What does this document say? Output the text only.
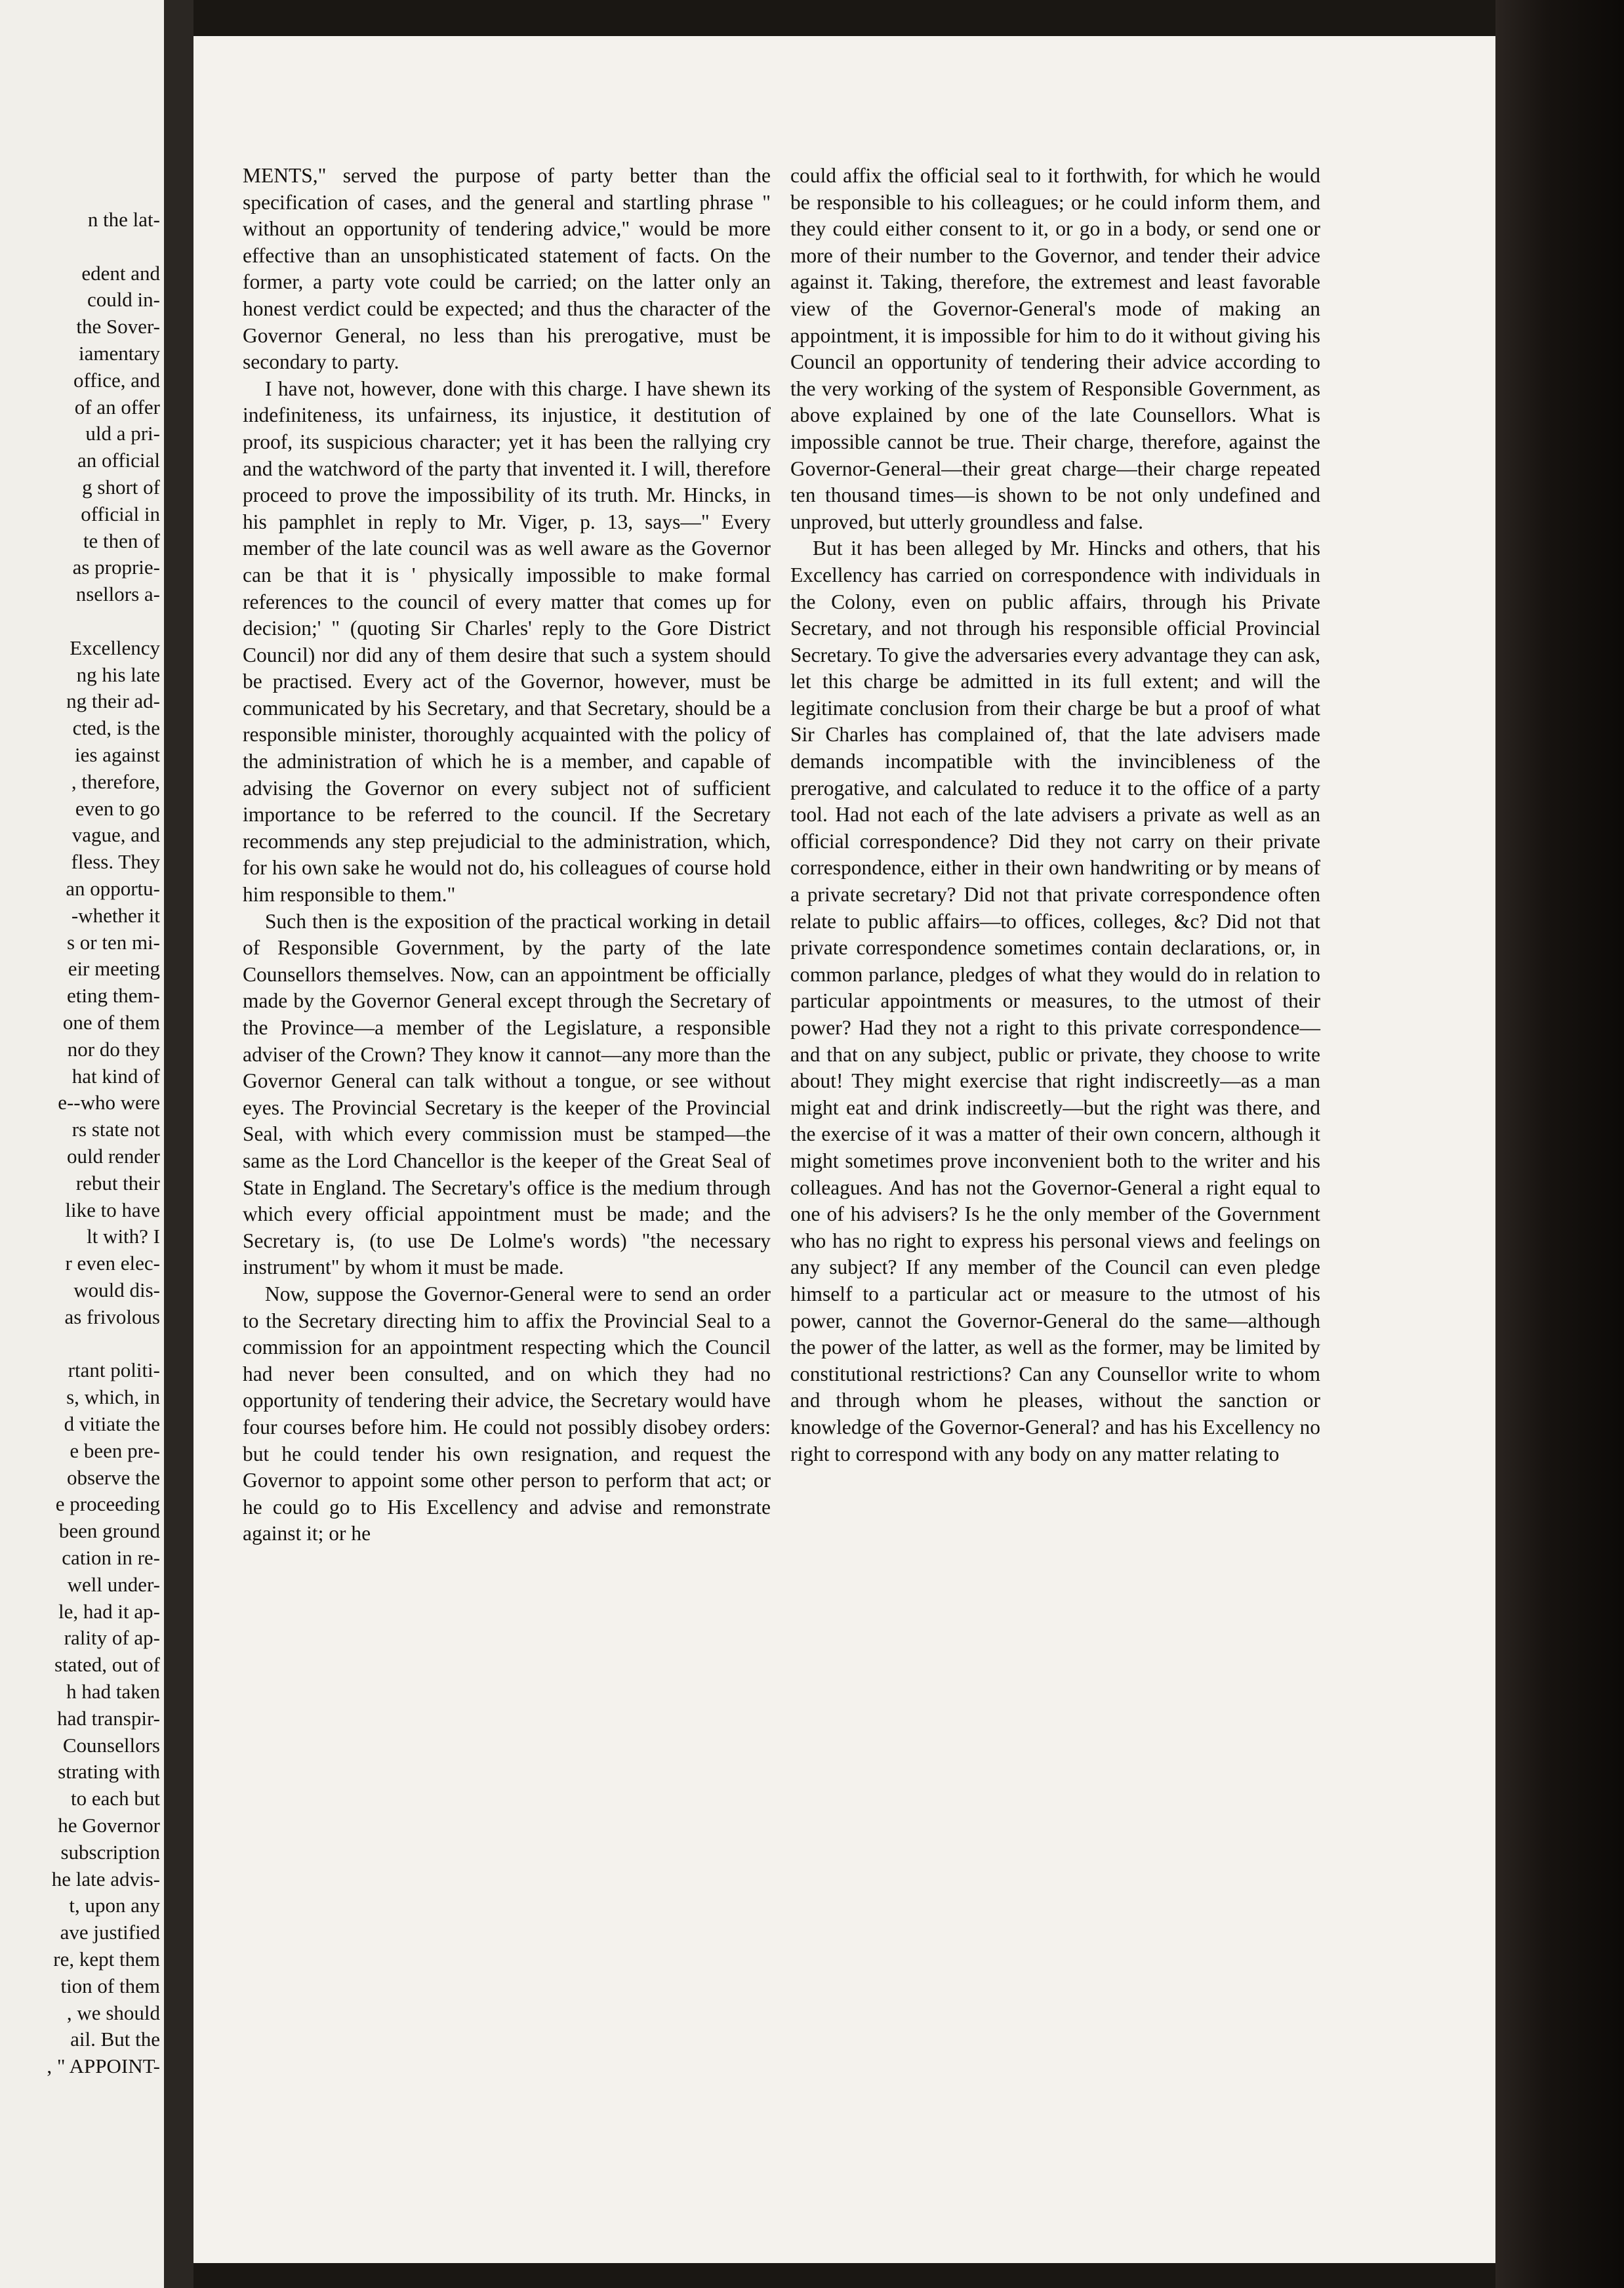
n the lat-
edent and
could in-
the Sover-
iamentary
office, and
of an offer
uld a pri-
an official
g short of
official in
te then of
as proprie-
nsellors a-
Excellency
ng his late
ng their ad-
cted, is the
ies against
, therefore,
even to go
vague, and
fless. They
an opportu-
-whether it
s or ten mi-
eir meeting
eting them-
one of them
nor do they
hat kind of
e--who were
rs state not
ould render
rebut their
like to have
lt with? I
r even elec-
would dis-
as frivolous
rtant politi-
s, which, in
d vitiate the
e been pre-
observe the
e proceeding
been ground
cation in re-
well under-
le, had it ap-
rality of ap-
stated, out of
h had taken
had transpir-
Counsellors
strating with
to each but
he Governor
subscription
he late advis-
t, upon any
ave justified
re, kept them
tion of them
, we should
ail. But the
, " APPOINT-

MENTS," served the purpose of party better than the specification of cases, and the general and startling phrase " without an opportunity of tendering advice," would be more effective than an unsophisticated statement of facts. On the former, a party vote could be carried; on the latter only an honest verdict could be expected; and thus the character of the Governor General, no less than his prerogative, must be secondary to party.

I have not, however, done with this charge. I have shewn its indefiniteness, its unfairness, its injustice, it destitution of proof, its suspicious character; yet it has been the rallying cry and the watchword of the party that invented it. I will, therefore proceed to prove the impossibility of its truth. Mr. Hincks, in his pamphlet in reply to Mr. Viger, p. 13, says—" Every member of the late council was as well aware as the Governor can be that it is ' physically impossible to make formal references to the council of every matter that comes up for decision;' " (quoting Sir Charles' reply to the Gore District Council) nor did any of them desire that such a system should be practised. Every act of the Governor, however, must be communicated by his Secretary, and that Secretary, should be a responsible minister, thoroughly acquainted with the policy of the administration of which he is a member, and capable of advising the Governor on every subject not of sufficient importance to be referred to the council. If the Secretary recommends any step prejudicial to the administration, which, for his own sake he would not do, his colleagues of course hold him responsible to them."

Such then is the exposition of the practical working in detail of Responsible Government, by the party of the late Counsellors themselves. Now, can an appointment be officially made by the Governor General except through the Secretary of the Province—a member of the Legislature, a responsible adviser of the Crown? They know it cannot—any more than the Governor General can talk without a tongue, or see without eyes. The Provincial Secretary is the keeper of the Provincial Seal, with which every commission must be stamped—the same as the Lord Chancellor is the keeper of the Great Seal of State in England. The Secretary's office is the medium through which every official appointment must be made; and the Secretary is, (to use De Lolme's words) "the necessary instrument" by whom it must be made.

Now, suppose the Governor-General were to send an order to the Secretary directing him to affix the Provincial Seal to a commission for an appointment respecting which the Council had never been consulted, and on which they had no opportunity of tendering their advice, the Secretary would have four courses before him. He could not possibly disobey orders: but he could tender his own resignation, and request the Governor to appoint some other person to perform that act; or he could go to His Excellency and advise and remonstrate against it; or he

could affix the official seal to it forthwith, for which he would be responsible to his colleagues; or he could inform them, and they could either consent to it, or go in a body, or send one or more of their number to the Governor, and tender their advice against it. Taking, therefore, the extremest and least favorable view of the Governor-General's mode of making an appointment, it is impossible for him to do it without giving his Council an opportunity of tendering their advice according to the very working of the system of Responsible Government, as above explained by one of the late Counsellors. What is impossible cannot be true. Their charge, therefore, against the Governor-General—their great charge—their charge repeated ten thousand times—is shown to be not only undefined and unproved, but utterly groundless and false.

But it has been alleged by Mr. Hincks and others, that his Excellency has carried on correspondence with individuals in the Colony, even on public affairs, through his Private Secretary, and not through his responsible official Provincial Secretary. To give the adversaries every advantage they can ask, let this charge be admitted in its full extent; and will the legitimate conclusion from their charge be but a proof of what Sir Charles has complained of, that the late advisers made demands incompatible with the invincibleness of the prerogative, and calculated to reduce it to the office of a party tool. Had not each of the late advisers a private as well as an official correspondence? Did they not carry on their private correspondence, either in their own handwriting or by means of a private secretary? Did not that private correspondence often relate to public affairs—to offices, colleges, &c? Did not that private correspondence sometimes contain declarations, or, in common parlance, pledges of what they would do in relation to particular appointments or measures, to the utmost of their power? Had they not a right to this private correspondence—and that on any subject, public or private, they choose to write about! They might exercise that right indiscreetly—as a man might eat and drink indiscreetly—but the right was there, and the exercise of it was a matter of their own concern, although it might sometimes prove inconvenient both to the writer and his colleagues. And has not the Governor-General a right equal to one of his advisers? Is he the only member of the Government who has no right to express his personal views and feelings on any subject? If any member of the Council can even pledge himself to a particular act or measure to the utmost of his power, cannot the Governor-General do the same—although the power of the latter, as well as the former, may be limited by constitutional restrictions? Can any Counsellor write to whom and through whom he pleases, without the sanction or knowledge of the Governor-General? and has his Excellency no right to correspond with any body on any matter relating to
